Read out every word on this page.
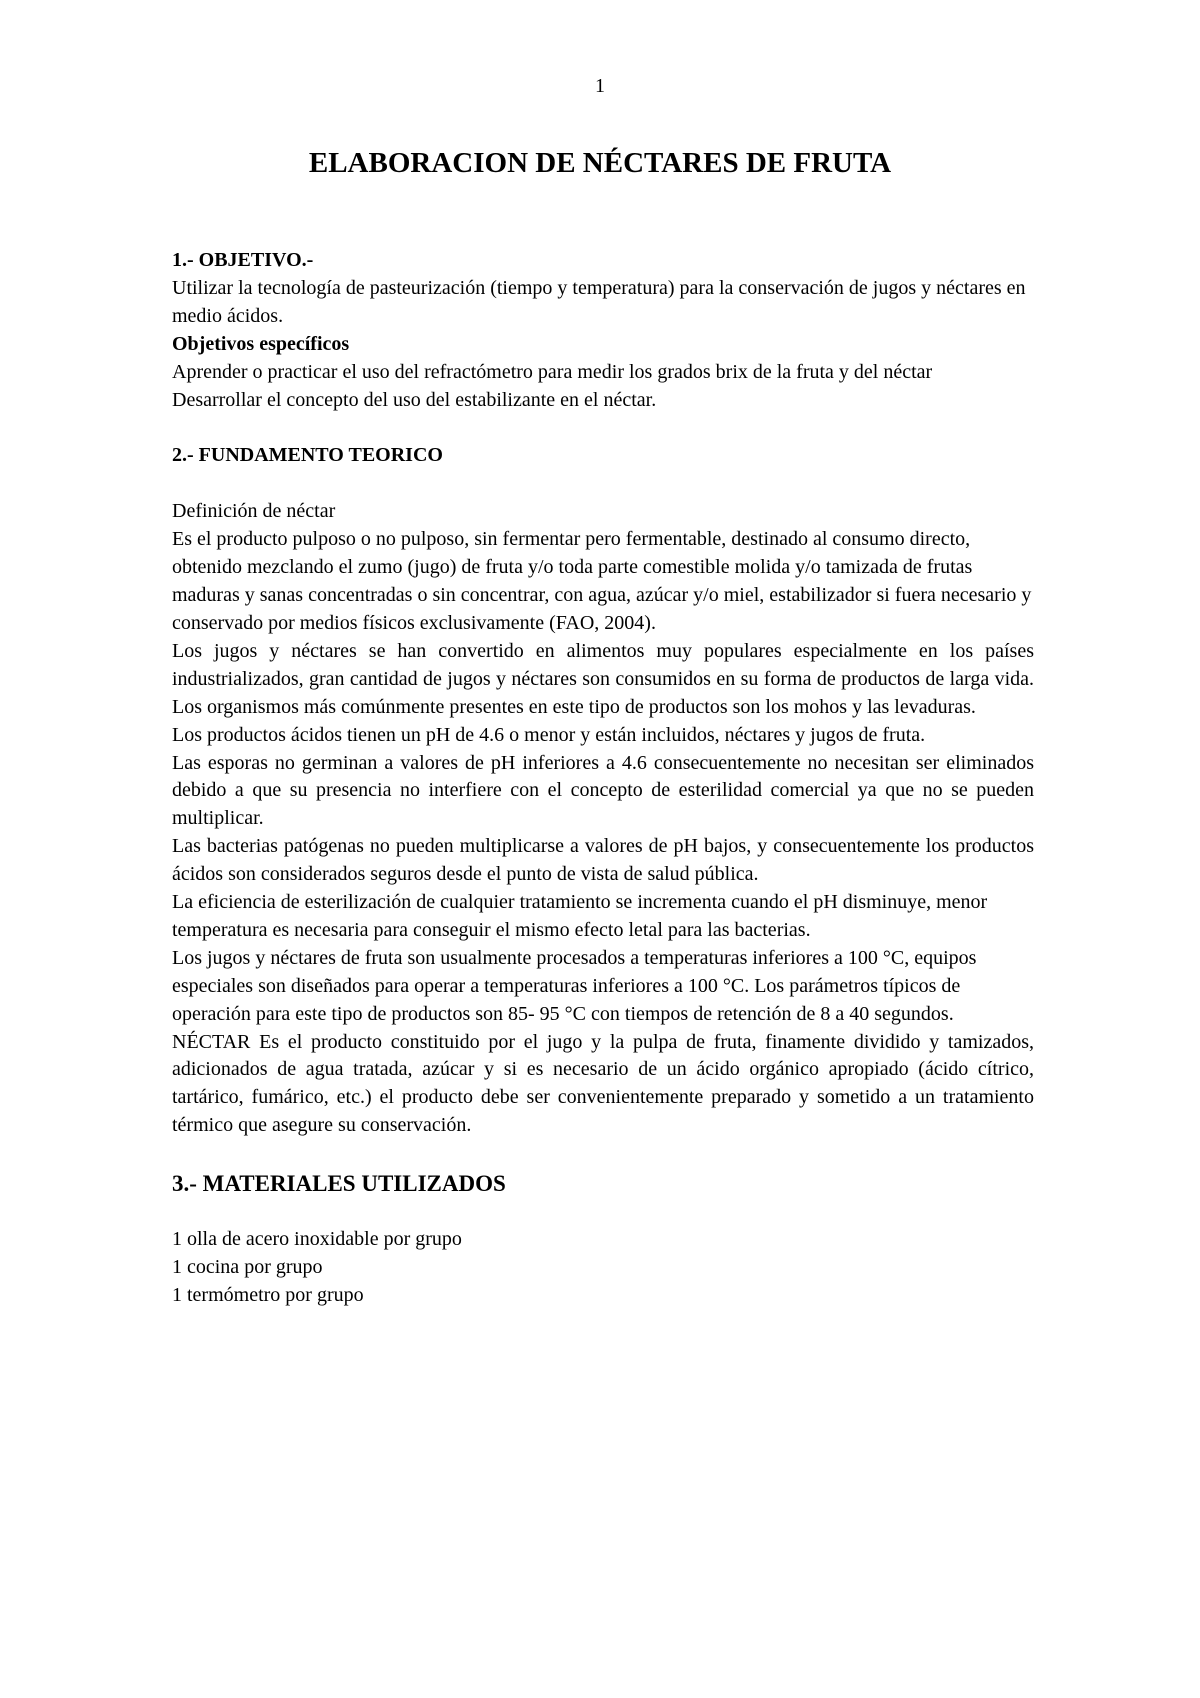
1
ELABORACION DE NÉCTARES DE FRUTA

1.- OBJETIVO.-

Utilizar la tecnología de pasteurización (tiempo y temperatura) para la conservación de jugos y néctares en medio ácidos.

Objetivos específicos

Aprender o practicar el uso del refractómetro para medir los grados brix de la fruta y del néctar

Desarrollar el concepto del uso del estabilizante en el néctar.

2.- FUNDAMENTO TEORICO

Definición de néctar

Es el producto pulposo o no pulposo, sin fermentar pero fermentable, destinado al consumo directo, obtenido mezclando el zumo (jugo) de fruta y/o toda parte comestible molida y/o tamizada de frutas maduras y sanas concentradas o sin concentrar, con agua, azúcar y/o miel, estabilizador si fuera necesario y conservado por medios físicos exclusivamente (FAO, 2004).

Los jugos y néctares se han convertido en alimentos muy populares especialmente en los países industrializados, gran cantidad de jugos y néctares son consumidos en su forma de productos de larga vida. Los organismos más comúnmente presentes en este tipo de productos son los mohos y las levaduras.

Los productos ácidos tienen un pH de 4.6 o menor y están incluidos, néctares y jugos de fruta.

Las esporas no germinan a valores de pH inferiores a 4.6 consecuentemente no necesitan ser eliminados debido a que su presencia no interfiere con el concepto de esterilidad comercial ya que no se pueden multiplicar.

Las bacterias patógenas no pueden multiplicarse a valores de pH bajos, y consecuentemente los productos ácidos son considerados seguros desde el punto de vista de salud pública.

La eficiencia de esterilización de cualquier tratamiento se incrementa cuando el pH disminuye, menor temperatura es necesaria para conseguir el mismo efecto letal para las bacterias.

Los jugos y néctares de fruta son usualmente procesados a temperaturas inferiores a 100 °C, equipos especiales son diseñados para operar a temperaturas inferiores a 100 °C. Los parámetros típicos de operación para este tipo de productos son 85- 95 °C con tiempos de retención de 8 a 40 segundos.

NÉCTAR Es el producto constituido por el jugo y la pulpa de fruta, finamente dividido y tamizados, adicionados de agua tratada, azúcar y si es necesario de un ácido orgánico apropiado (ácido cítrico, tartárico, fumárico, etc.) el producto debe ser convenientemente preparado y sometido a un tratamiento térmico que asegure su conservación.

3.- MATERIALES UTILIZADOS

1 olla de acero inoxidable por grupo

1 cocina por grupo

1 termómetro por grupo
